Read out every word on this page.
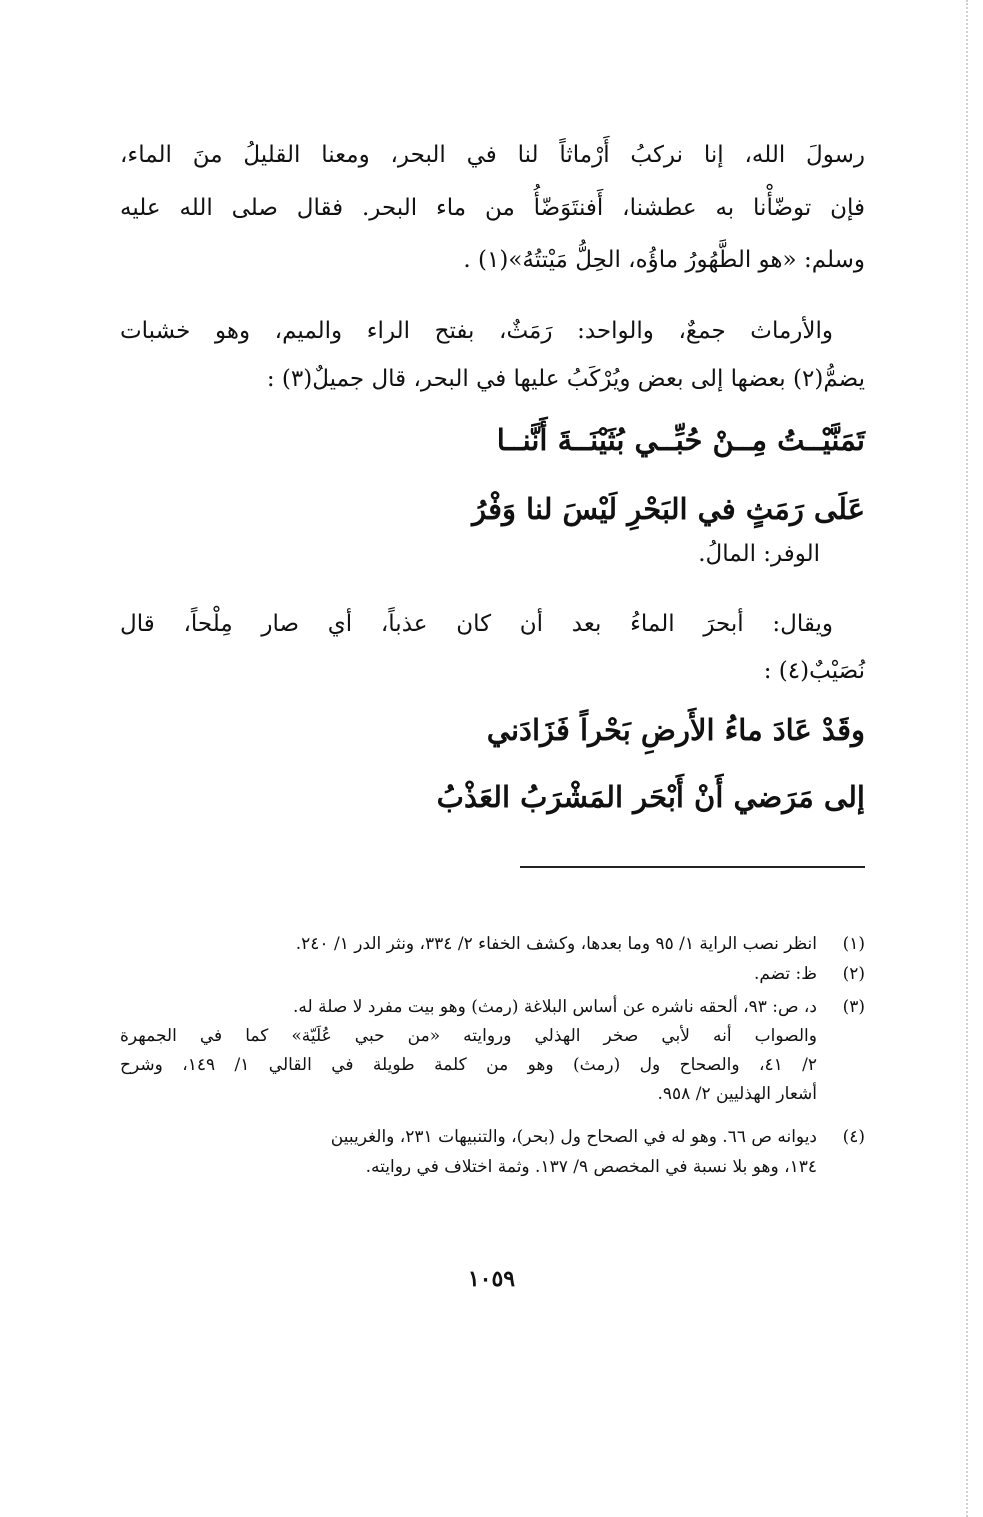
رسولَ الله، إنا نركبُ أَرْماثاً لنا في البحر، ومعنا القليلُ منَ الماء،
فإن توضّأْنا به عطشنا، أَفنتَوَضّأُ من ماء البحر. فقال صلى الله عليه
وسلم: «هو الطَّهُورُ ماؤُه، الحِلُّ مَيْتتُهُ»(١) .
والأرماث جمعٌ، والواحد: رَمَثٌ، بفتح الراء والميم، وهو خشبات
يضمُّ(٢) بعضها إلى بعض ويُرْكَبُ عليها في البحر، قال جميلٌ(٣) :
تَمَنَّيْــتُ مِــنْ حُبِّــي بُثَيْنَــةَ أَنَّنــا
عَلَى رَمَثٍ في البَحْرِ لَيْسَ لنا وَفْرُ
الوفر: المالُ.
ويقال: أبحرَ الماءُ بعد أن كان عذباً، أي صار مِلْحاً، قال
نُصَيْبٌ(٤) :
وقَدْ عَادَ ماءُ الأَرضِ بَحْراً فَزَادَني
إلى مَرَضي أَنْ أَبْحَر المَشْرَبُ العَذْبُ
(١)انظر نصب الراية ١/ ٩٥ وما بعدها، وكشف الخفاء ٢/ ٣٣٤، ونثر الدر ١/ ٢٤٠.
(٢)ظ: تضم.
(٣)د، ص: ٩٣، ألحقه ناشره عن أساس البلاغة (رمث) وهو بيت مفرد لا صلة له.
والصواب أنه لأبي صخر الهذلي وروايته «من حبي عُلَيّة» كما في الجمهرة
٢/ ٤١، والصحاح ول (رمث) وهو من كلمة طويلة في القالي ١/ ١٤٩، وشرح
أشعار الهذليين ٢/ ٩٥٨.
(٤)ديوانه ص ٦٦. وهو له في الصحاح ول (بحر)، والتنبيهات ٢٣١، والغريبين
١٣٤، وهو بلا نسبة في المخصص ٩/ ١٣٧. وثمة اختلاف في روايته.
١٠٥٩
